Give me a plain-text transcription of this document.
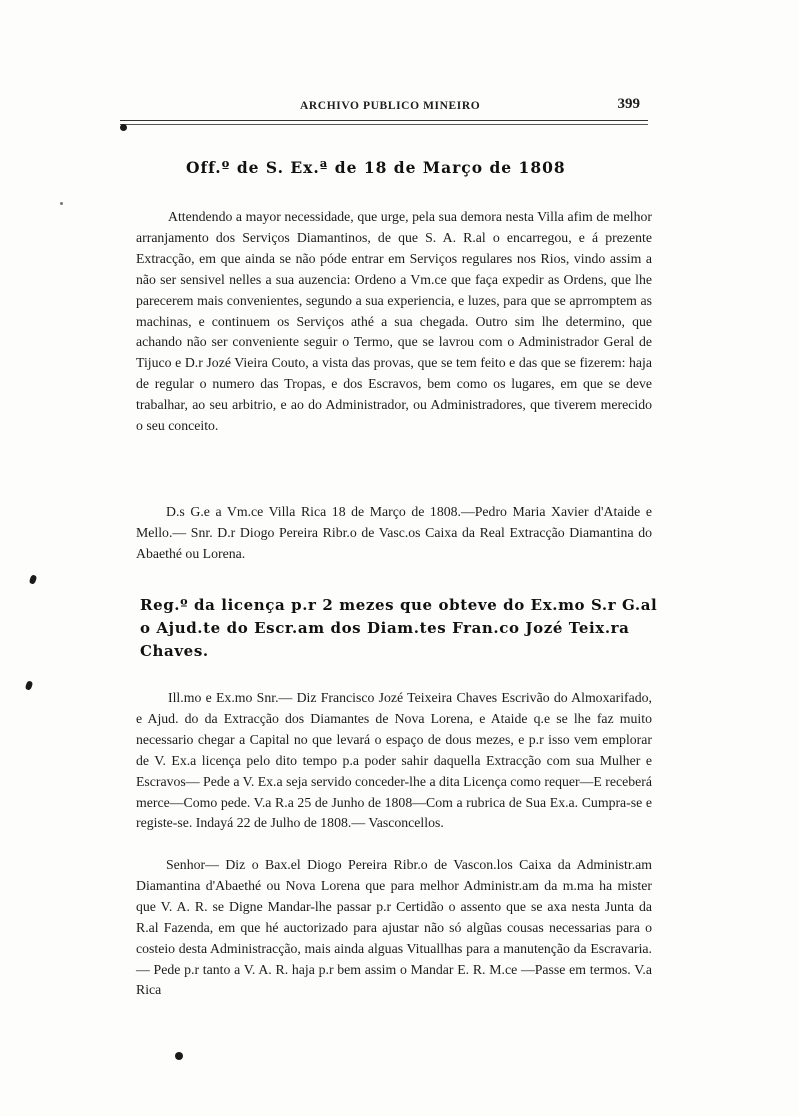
ARCHIVO PUBLICO MINEIRO	399
Off.º de S. Ex.ª de 18 de Março de 1808
Attendendo a mayor necessidade, que urge, pela sua demora nesta Villa afim de melhor arranjamento dos Serviços Diamantinos, de que S. A. R.al o encarregou, e á prezente Extracção, em que ainda se não póde entrar em Serviços regulares nos Rios, vindo assim a não ser sensivel nelles a sua auzencia: Ordeno a Vm.ce que faça expedir as Ordens, que lhe parecerem mais convenientes, segundo a sua experiencia, e luzes, para que se aprromptem as machinas, e continuem os Serviços athé a sua chegada. Outro sim lhe determino, que achando não ser conveniente seguir o Termo, que se lavrou com o Administrador Geral de Tijuco e D.r Jozé Vieira Couto, a vista das provas, que se tem feito e das que se fizerem: haja de regular o numero das Tropas, e dos Escravos, bem como os lugares, em que se deve trabalhar, ao seu arbitrio, e ao do Administrador, ou Administradores, que tiverem merecido o seu conceito.
D.s G.e a Vm.ce Villa Rica 18 de Março de 1808.—Pedro Maria Xavier d'Ataide e Mello.— Snr. D.r Diogo Pereira Ribr.o de Vasc.os Caixa da Real Extracção Diamantina do Abaethé ou Lorena.
Reg.º da licença p.r 2 mezes que obteve do Ex.mo S.r G.al o Ajud.te do Escr.am dos Diam.tes Fran.co Jozé Teix.ra Chaves.
Ill.mo e Ex.mo Snr.— Diz Francisco Jozé Teixeira Chaves Escrivão do Almoxarifado, e Ajud. do da Extracção dos Diamantes de Nova Lorena, e Ataide q.e se lhe faz muito necessario chegar a Capital no que levará o espaço de dous mezes, e p.r isso vem emplorar de V. Ex.a licença pelo dito tempo p.a poder sahir daquella Extracção com sua Mulher e Escravos— Pede a V. Ex.a seja servido conceder-lhe a dita Licença como requer—E receberá merce—Como pede. V.a R.a 25 de Junho de 1808—Com a rubrica de Sua Ex.a. Cumpra-se e registe-se. Indayá 22 de Julho de 1808.— Vasconcellos.
Senhor— Diz o Bax.el Diogo Pereira Ribr.o de Vascon.los Caixa da Administr.am Diamantina d'Abaethé ou Nova Lorena que para melhor Administr.am da m.ma ha mister que V. A. R. se Digne Mandar-lhe passar p.r Certidão o assento que se axa nesta Junta da R.al Fazenda, em que hé auctorizado para ajustar não só algũas cousas necessarias para o costeio desta Administracção, mais ainda alguas Vituallhas para a manutenção da Escravaria. — Pede p.r tanto a V. A. R. haja p.r bem assim o Mandar E. R. M.ce —Passe em termos. V.a Rica
